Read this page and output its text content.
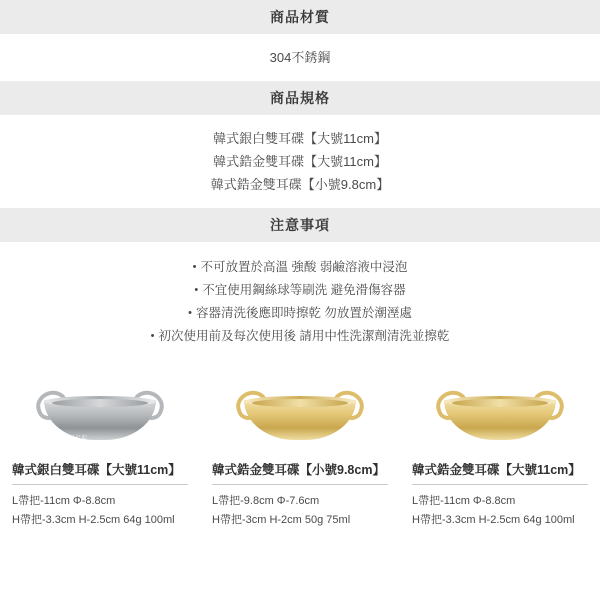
商品材質
304不銹鋼
商品規格
韓式銀白雙耳碟【大號11cm】
韓式鋯金雙耳碟【大號11cm】
韓式鋯金雙耳碟【小號9.8cm】
注意事項
• 不可放置於高溫 強酸 弱鹼溶液中浸泡
• 不宜使用鋼絲球等刷洗 避免滑傷容器
• 容器清洗後應即時擦乾 勿放置於潮溼處
• 初次使用前及每次使用後 請用中性洗潔劑清洗並擦乾
SMILE HOUSE
韓式銀白雙耳碟【大號11cm】
L帶把-11cm Φ-8.8cm
H帶把-3.3cm H-2.5cm 64g 100ml
韓式鋯金雙耳碟【小號9.8cm】
L帶把-9.8cm Φ-7.6cm
H帶把-3cm H-2cm 50g 75ml
韓式鋯金雙耳碟【大號11cm】
L帶把-11cm Φ-8.8cm
H帶把-3.3cm H-2.5cm 64g 100ml
